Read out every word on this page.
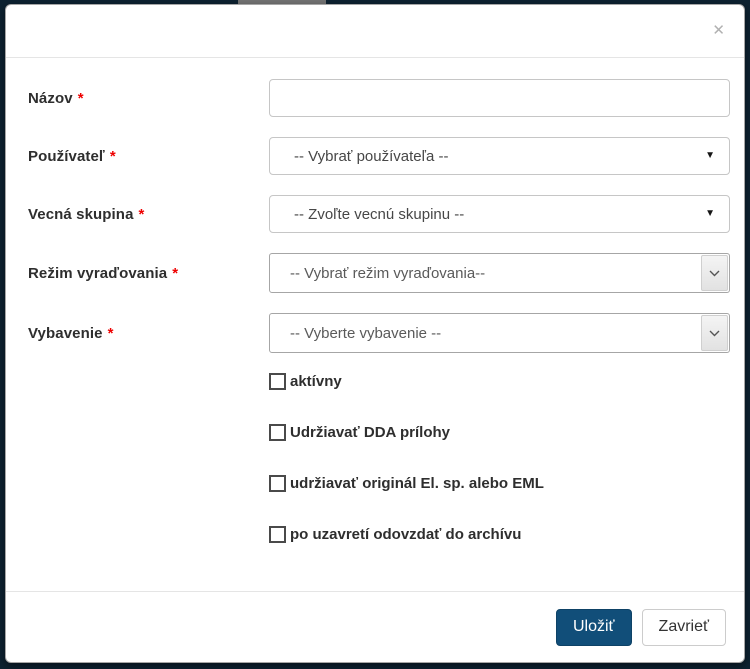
✕
Názov *
Používateľ *	-- Vybrať používateľa --	▼
Vecná skupina *	-- Zvoľte vecnú skupinu --	▼
Režim vyraďovania *	-- Vybrať režim vyraďovania--
Vybavenie *	-- Vyberte vybavenie --
aktívny
Udržiavať DDA prílohy
udržiavať originál El. sp. alebo EML
po uzavretí odovzdať do archívu
Uložiť	Zavrieť
